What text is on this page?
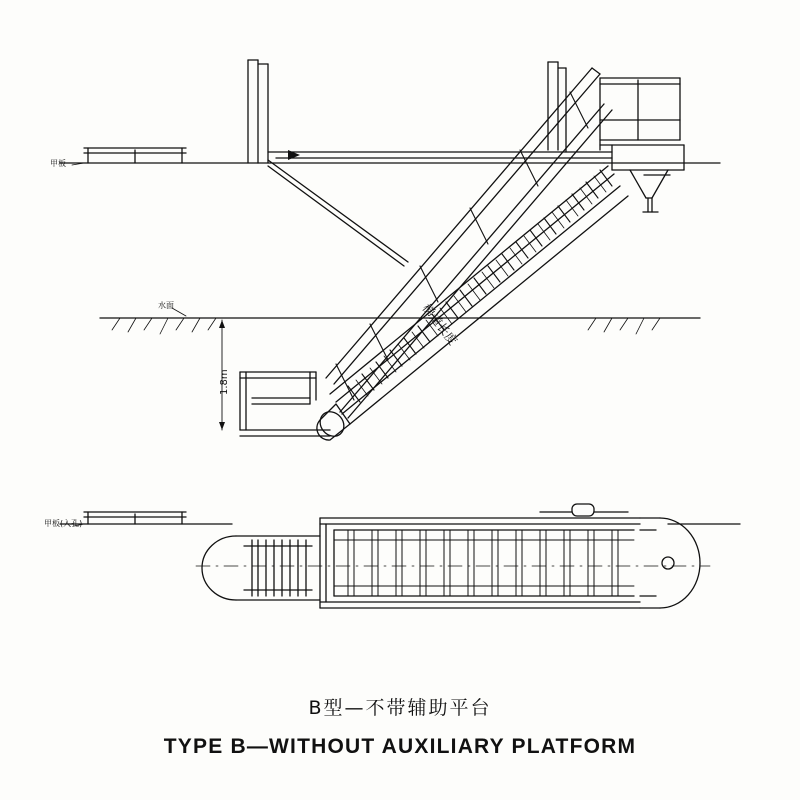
甲板
水面
1.8m
梯道长度
甲板(入孔)
B型—不带辅助平台
TYPE B—WITHOUT AUXILIARY PLATFORM
